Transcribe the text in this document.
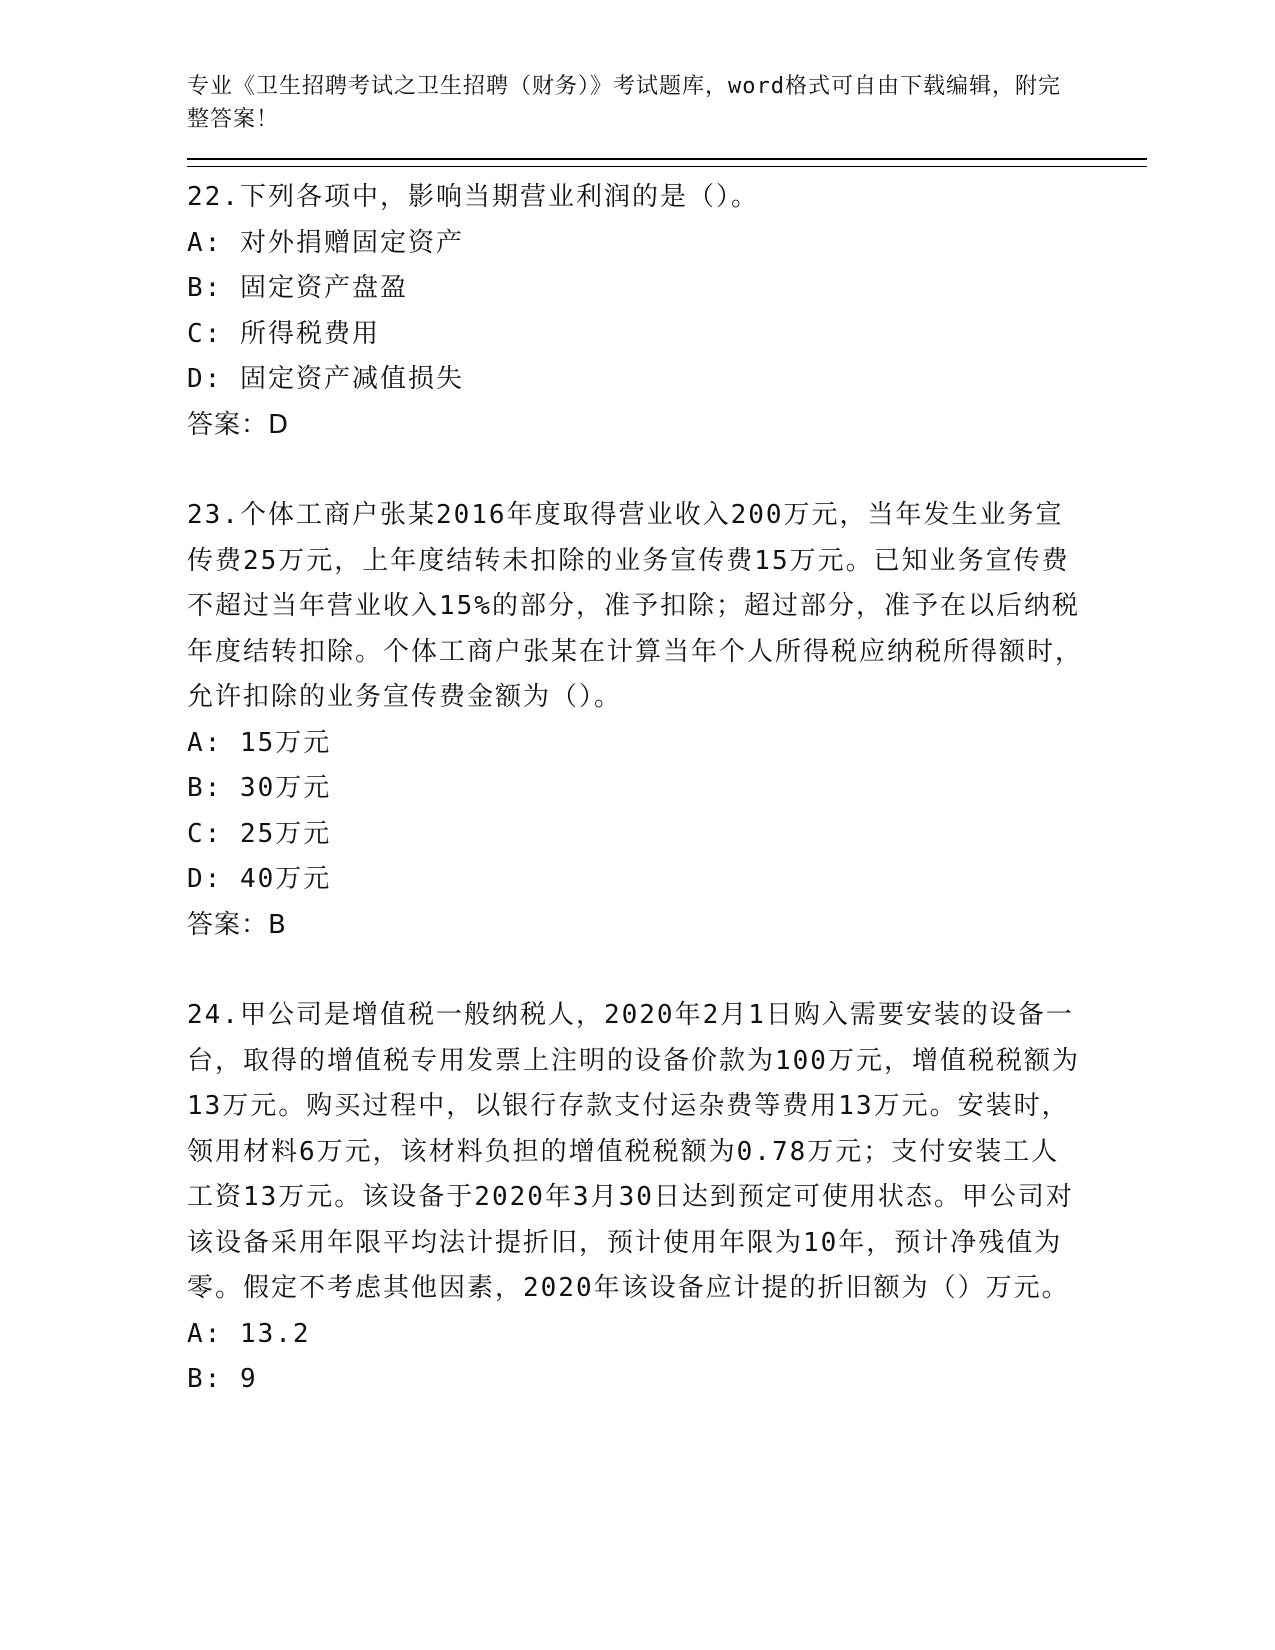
专业《卫生招聘考试之卫生招聘（财务）》考试题库，word格式可自由下载编辑，附完整答案！
22.下列各项中，影响当期营业利润的是（）。
A: 对外捐赠固定资产
B: 固定资产盘盈
C: 所得税费用
D: 固定资产减值损失
答案：D
23.个体工商户张某2016年度取得营业收入200万元，当年发生业务宣传费25万元，上年度结转未扣除的业务宣传费15万元。已知业务宣传费不超过当年营业收入15%的部分，准予扣除；超过部分，准予在以后纳税年度结转扣除。个体工商户张某在计算当年个人所得税应纳税所得额时，允许扣除的业务宣传费金额为（）。
A: 15万元
B: 30万元
C: 25万元
D: 40万元
答案：B
24.甲公司是增值税一般纳税人，2020年2月1日购入需要安装的设备一台，取得的增值税专用发票上注明的设备价款为100万元，增值税税额为13万元。购买过程中，以银行存款支付运杂费等费用13万元。安装时，领用材料6万元，该材料负担的增值税税额为0.78万元；支付安装工人工资13万元。该设备于2020年3月30日达到预定可使用状态。甲公司对该设备采用年限平均法计提折旧，预计使用年限为10年，预计净残值为零。假定不考虑其他因素，2020年该设备应计提的折旧额为（）万元。
A: 13.2
B: 9
